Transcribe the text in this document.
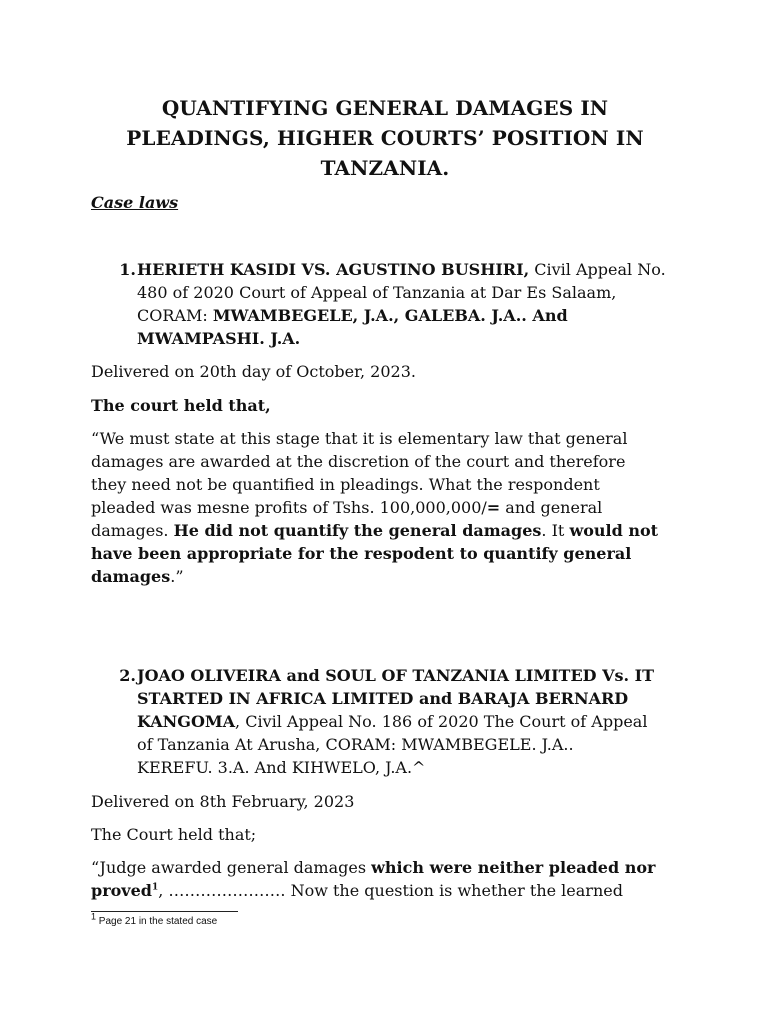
QUANTIFYING GENERAL DAMAGES IN
PLEADINGS, HIGHER COURTS’ POSITION IN
TANZANIA.
Case laws
1. HERIETH KASIDI VS. AGUSTINO BUSHIRI, Civil Appeal No.
480 of 2020 Court of Appeal of Tanzania at Dar Es Salaam,
CORAM: MWAMBEGELE, J.A., GALEBA. J.A.. And
MWAMPASHI. J.A.
Delivered on 20th day of October, 2023.
The court held that,
“We must state at this stage that it is elementary law that general
damages are awarded at the discretion of the court and therefore
they need not be quantified in pleadings. What the respondent
pleaded was mesne profits of Tshs. 100,000,000/= and general
damages. He did not quantify the general damages. It would not
have been appropriate for the respodent to quantify general
damages.”
2. JOAO OLIVEIRA and SOUL OF TANZANIA LIMITED Vs. IT
STARTED IN AFRICA LIMITED and BARAJA BERNARD
KANGOMA, Civil Appeal No. 186 of 2020 The Court of Appeal
of Tanzania At Arusha, CORAM: MWAMBEGELE. J.A..
KEREFU. 3.A. And KIHWELO, J.A.^
Delivered on 8th February, 2023
The Court held that;
“Judge awarded general damages which were neither pleaded nor
proved$^1$, …………………. Now the question is whether the learned
$^1$ Page 21 in the stated case
